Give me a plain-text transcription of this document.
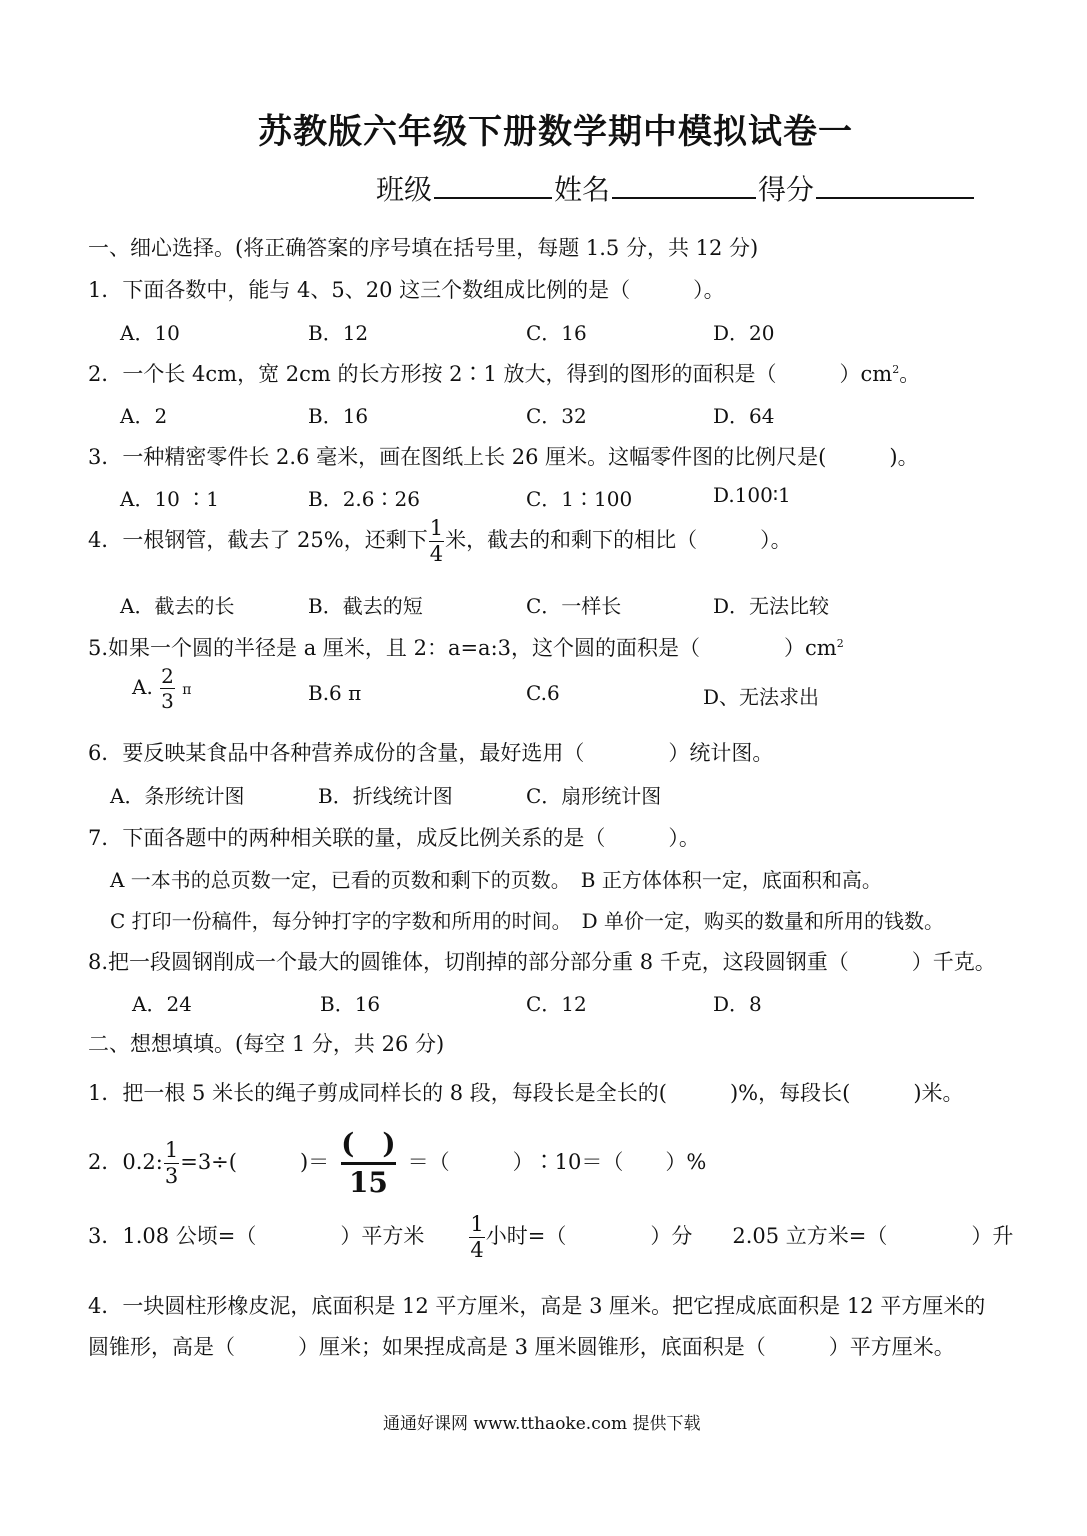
苏教版六年级下册数学期中模拟试卷一
班级	姓名	得分
一、细心选择。(将正确答案的序号填在括号里，每题 1.5 分，共 12 分)
1．下面各数中，能与 4、5、20 这三个数组成比例的是（　　　）。
A．10	B．12	C．16	D．20
2．一个长 4cm，宽 2cm 的长方形按 2∶1 放大，得到的图形的面积是（　　　）$cm^2$。
A．2	B．16	C．32	D．64
3．一种精密零件长 2.6 毫米，画在图纸上长 26 厘米。这幅零件图的比例尺是(　　　)。
A．10 ∶1	B．2.6∶26	C．1∶100	D.100∶1
4．一根钢管，截去了 25%，还剩下 $\frac{1}{4}$ 米，截去的和剩下的相比（　　　）。
A．截去的长	B．截去的短	C．一样长	D．无法比较
5.如果一个圆的半径是 a 厘米，且 2：a=a:3，这个圆的面积是（　　　　）$cm^2$
A. $\frac{2}{3}$ π	B.6 π	C.6	D、无法求出
6．要反映某食品中各种营养成份的含量，最好选用（　　　　）统计图。
A．条形统计图	B．折线统计图	C．扇形统计图
7．下面各题中的两种相关联的量，成反比例关系的是（　　　）。
A 一本书的总页数一定，已看的页数和剩下的页数。　B 正方体体积一定，底面积和高。
C 打印一份稿件，每分钟打字的字数和所用的时间。　D 单价一定，购买的数量和所用的钱数。
8.把一段圆钢削成一个最大的圆锥体，切削掉的部分部分重 8 千克，这段圆钢重（　　　）千克。
A．24	B．16	C．12	D．8
二、想想填填。(每空 1 分，共 26 分)
1．把一根 5 米长的绳子剪成同样长的 8 段，每段长是全长的(　　　)%，每段长(　　　)米。
2．0.2: $\frac{1}{3} =3\div$(　　　)＝
(　)
15
＝（　　　）∶10＝（　　）%
3．1.08 公顷=（　　　　）平方米 $\frac{1}{4}$ 小时=（　　　　）分 2.05 立方米=（　　　　）升
4．一块圆柱形橡皮泥，底面积是 12 平方厘米，高是 3 厘米。把它捏成底面积是 12 平方厘米的
圆锥形，高是（　　　）厘米；如果捏成高是 3 厘米圆锥形，底面积是（　　　）平方厘米。
通通好课网 www.tthaoke.com 提供下载
